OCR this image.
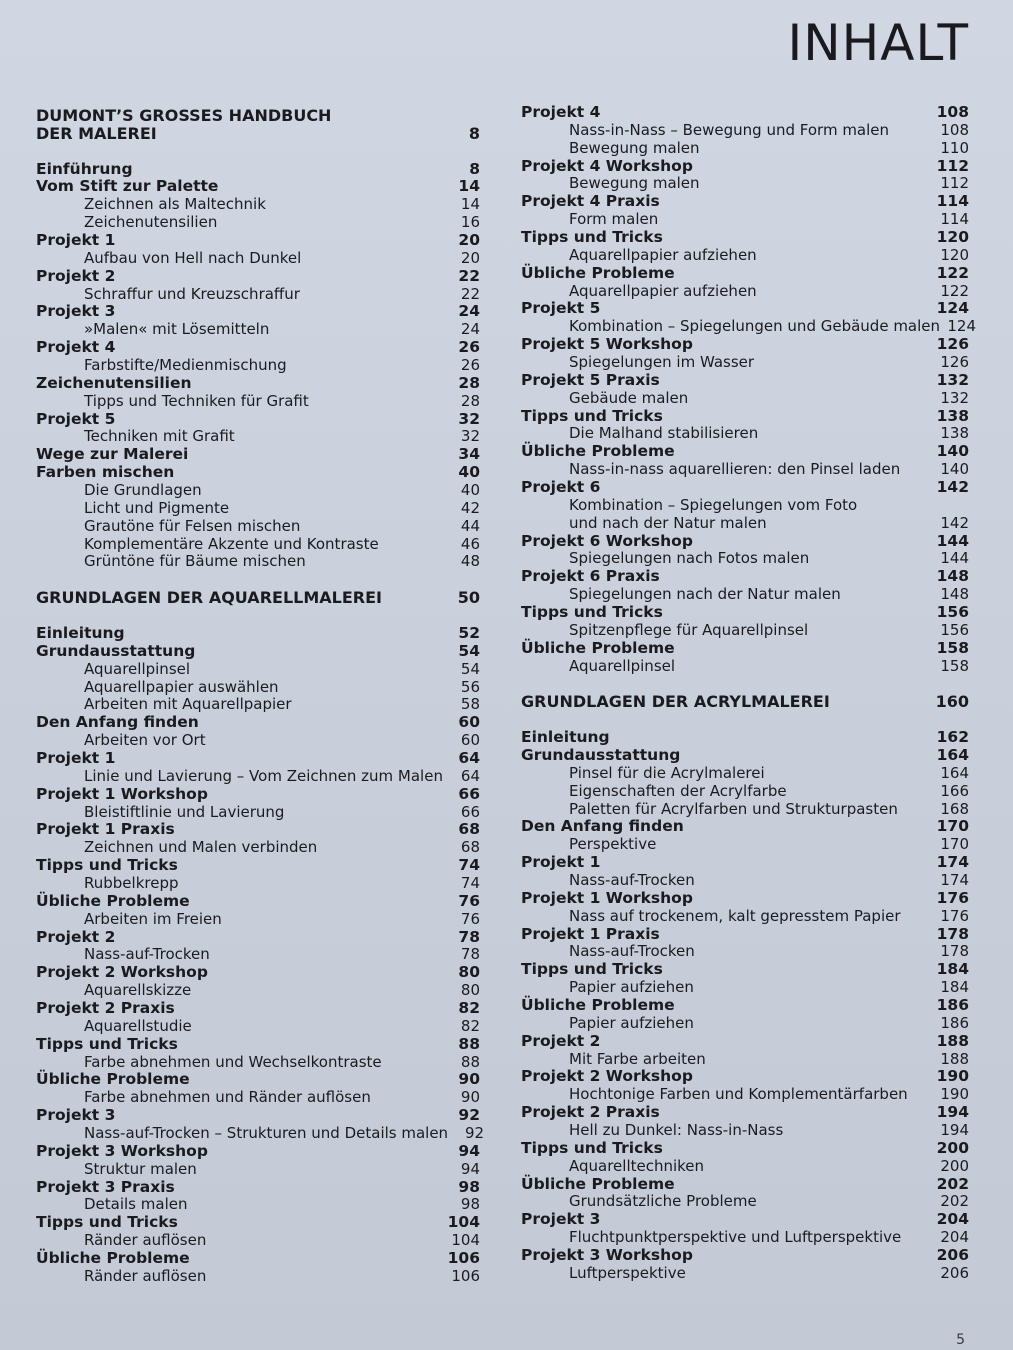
INHALT
DUMONT’S GROSSES HANDBUCH
DER MALEREI	8
Einführung	8
Vom Stift zur Palette	14
Zeichnen als Maltechnik	14
Zeichenutensilien	16
Projekt 1	20
Aufbau von Hell nach Dunkel	20
Projekt 2	22
Schraffur und Kreuzschraffur	22
Projekt 3	24
»Malen« mit Lösemitteln	24
Projekt 4	26
Farbstifte/Medienmischung	26
Zeichenutensilien	28
Tipps und Techniken für Grafit	28
Projekt 5	32
Techniken mit Grafit	32
Wege zur Malerei	34
Farben mischen	40
Die Grundlagen	40
Licht und Pigmente	42
Grautöne für Felsen mischen	44
Komplementäre Akzente und Kontraste	46
Grüntöne für Bäume mischen	48
GRUNDLAGEN DER AQUARELLMALEREI	50
Einleitung	52
Grundausstattung	54
Aquarellpinsel	54
Aquarellpapier auswählen	56
Arbeiten mit Aquarellpapier	58
Den Anfang finden	60
Arbeiten vor Ort	60
Projekt 1	64
Linie und Lavierung – Vom Zeichnen zum Malen	64
Projekt 1 Workshop	66
Bleistiftlinie und Lavierung	66
Projekt 1 Praxis	68
Zeichnen und Malen verbinden	68
Tipps und Tricks	74
Rubbelkrepp	74
Übliche Probleme	76
Arbeiten im Freien	76
Projekt 2	78
Nass-auf-Trocken	78
Projekt 2 Workshop	80
Aquarellskizze	80
Projekt 2 Praxis	82
Aquarellstudie	82
Tipps und Tricks	88
Farbe abnehmen und Wechselkontraste	88
Übliche Probleme	90
Farbe abnehmen und Ränder auflösen	90
Projekt 3	92
Nass-auf-Trocken – Strukturen und Details malen	92
Projekt 3 Workshop	94
Struktur malen	94
Projekt 3 Praxis	98
Details malen	98
Tipps und Tricks	104
Ränder auflösen	104
Übliche Probleme	106
Ränder auflösen	106
Projekt 4	108
Nass-in-Nass – Bewegung und Form malen	108
Bewegung malen	110
Projekt 4 Workshop	112
Bewegung malen	112
Projekt 4 Praxis	114
Form malen	114
Tipps und Tricks	120
Aquarellpapier aufziehen	120
Übliche Probleme	122
Aquarellpapier aufziehen	122
Projekt 5	124
Kombination – Spiegelungen und Gebäude malen 124
Projekt 5 Workshop	126
Spiegelungen im Wasser	126
Projekt 5 Praxis	132
Gebäude malen	132
Tipps und Tricks	138
Die Malhand stabilisieren	138
Übliche Probleme	140
Nass-in-nass aquarellieren: den Pinsel laden	140
Projekt 6	142
Kombination – Spiegelungen vom Foto
und nach der Natur malen	142
Projekt 6 Workshop	144
Spiegelungen nach Fotos malen	144
Projekt 6 Praxis	148
Spiegelungen nach der Natur malen	148
Tipps und Tricks	156
Spitzenpflege für Aquarellpinsel	156
Übliche Probleme	158
Aquarellpinsel	158
GRUNDLAGEN DER ACRYLMALEREI	160
Einleitung	162
Grundausstattung	164
Pinsel für die Acrylmalerei	164
Eigenschaften der Acrylfarbe	166
Paletten für Acrylfarben und Strukturpasten	168
Den Anfang finden	170
Perspektive	170
Projekt 1	174
Nass-auf-Trocken	174
Projekt 1 Workshop	176
Nass auf trockenem, kalt gepresstem Papier	176
Projekt 1 Praxis	178
Nass-auf-Trocken	178
Tipps und Tricks	184
Papier aufziehen	184
Übliche Probleme	186
Papier aufziehen	186
Projekt 2	188
Mit Farbe arbeiten	188
Projekt 2 Workshop	190
Hochtonige Farben und Komplementärfarben	190
Projekt 2 Praxis	194
Hell zu Dunkel: Nass-in-Nass	194
Tipps und Tricks	200
Aquarelltechniken	200
Übliche Probleme	202
Grundsätzliche Probleme	202
Projekt 3	204
Fluchtpunktperspektive und Luftperspektive	204
Projekt 3 Workshop	206
Luftperspektive	206
5
